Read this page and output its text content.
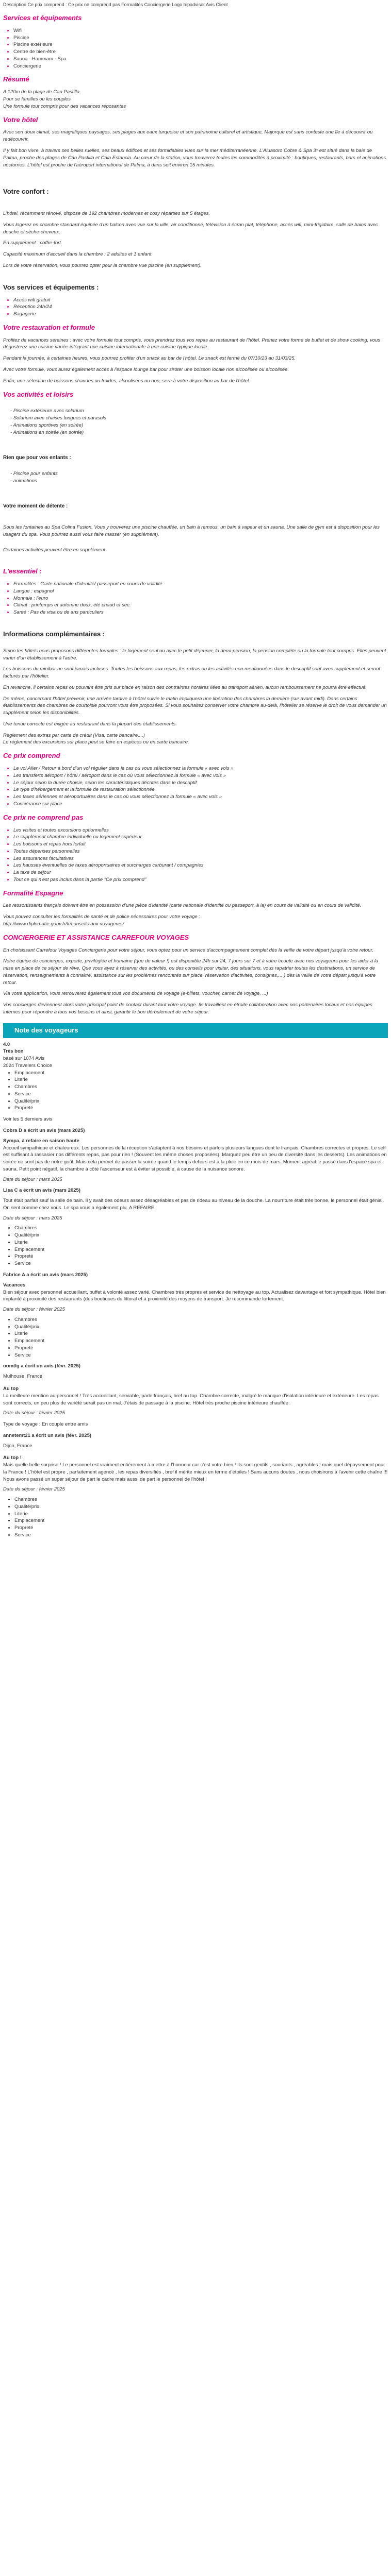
Description Ce prix comprend : Ce prix ne comprend pas Formalités Conciergerie Logo tripadvisor Avis Client

Services et équipements
• Wifi
• Piscine
• Piscine extérieure
• Centre de bien-être
• Sauna - Hammam - Spa
• Conciergerie
Résumé
A 120m de la plage de Can Pastilla
Pour se familles ou les couples
Une formule tout compris pour des vacances reposantes
Votre hôtel

Avec son doux climat, ses magnifiques paysages, ses plages aux eaux turquoise et son patrimoine culturel et artistique, Majorque est sans conteste une île à découvrir ou redécouvrir.

Il y fait bon vivre, à travers ses belles ruelles, ses beaux édifices et ses formidables vues sur la mer méditerranéenne. L'Aluasoro Cobre & Spa 3* est situé dans la baie de Palma, proche des plages de Can Pastilla et Cala Estancia. Au cœur de la station, vous trouverez toutes les commodités à proximité : boutiques, restaurants, bars et animations nocturnes. L'hôtel est proche de l'aéroport international de Palma, à dans seit environ 15 minutes.

Votre confort :

L'hôtel, récemment rénové, dispose de 192 chambres modernes et cosy réparties sur 5 étages.

Vous logerez en chambre standard équipée d'un balcon avec vue sur la ville, air conditionné, télévision à écran plat, téléphone, accès wifi, mini-frigidaire, salle de bains avec douche et sèche-cheveux.

En supplément : coffre-fort.

Capacité maximum d'accueil dans la chambre : 2 adultes et 1 enfant.

Lors de votre réservation, vous pourrez opter pour la chambre vue piscine (en supplément).

Vos services et équipements :
• Accès wifi gratuit
• Réception 24h/24
• Bagagerie
Votre restauration et formule

Profitez de vacances sereines : avec votre formule tout compris, vous prendrez tous vos repas au restaurant de l'hôtel. Prenez votre forme de buffet et de show cooking, vous dégusterez une cuisine variée intégrant une cuisine internationale à une cuisine typique locale.

Pendant la journée, à certaines heures, vous pourrez profiter d'un snack au bar de l'hôtel. Le snack est fermé du 07/10/23 au 31/03/25.

Avec votre formule, vous aurez également accès à l'espace lounge bar pour siroter une boisson locale non alcoolisée ou alcoolisée.

Enfin, une sélection de boissons chaudes ou froides, alcoolisées ou non, sera à votre disposition au bar de l'hôtel.

Vos activités et loisirs
- Piscine extérieure avec solarium
- Solarium avec chaises longues et parasols
- Animations sportives (en soirée)
- Animations en soirée (en soirée)
Rien que pour vos enfants :
- Piscine pour enfants
- animations
Votre moment de détente :

Sous les fontaines au Spa Colina Fusion. Vous y trouverez une piscine chauffée, un bain à remous, un bain à vapeur et un sauna. Une salle de gym est à disposition pour les usagers du spa. Vous pourrez aussi vous faire masser (en supplément).

Certaines activités peuvent être en supplément.

L'essentiel :
• Formalités : Carte nationale d'identité/ passeport en cours de validité.
• Langue : espagnol
• Monnaie : l'euro
• Climat : printemps et automne doux, été chaud et sec.
• Santé : Pas de visa ou de ans particuliers
Informations complémentaires :

Selon les hôtels nous proposons différentes formules : le logement seul ou avec le petit déjeuner, la demi-pension, la pension complète ou la formule tout compris. Elles peuvent varier d'un établissement à l'autre.

Les boissons du minibar ne sont jamais incluses. Toutes les boissons aux repas, les extras ou les activités non mentionnées dans le descriptif sont avec supplément et seront facturés par l'hôtelier.

En revanche, il certains repas ou pouvant être pris sur place en raison des contraintes horaires liées au transport aérien, aucun remboursement ne pourra être effectué.

De même, concernant l'hôtel prévenir, une arrivée tardive à l'hôtel suivie le matin impliquera une libération des chambres la dernière (sur avant midi). Dans certains établissements des chambres de courtoisie pourront vous être proposées. Si vous souhaitez conserver votre chambre au-delà, l'hôtelier se réserve le droit de vous demander un supplément selon les disponibilités.

Une tenue correcte est exigée au restaurant dans la plupart des établissements.

Règlement des extras par carte de crédit (Visa, carte bancaire,...)
Le règlement des excursions sur place peut se faire en espèces ou en carte bancaire.
Ce prix comprend
• Le vol Aller / Retour à bord d'un vol régulier dans le cas où vous sélectionnez la formule « avec vols »
• Les transferts aéroport / hôtel / aéroport dans le cas où vous sélectionnez la formule « avec vols »
• Le séjour selon la durée choisie, selon les caractéristiques décrites dans le descriptif
• Le type d'hébergement et la formule de restauration sélectionnée
• Les taxes aériennes et aéroportuaires dans le cas où vous sélectionnez la formule « avec vols »
• Conciérance sur place
Ce prix ne comprend pas
• Les visites et toutes excursions optionnelles
• Le supplément chambre individuelle ou logement supérieur
• Les boissons et repas hors forfait
• Toutes dépenses personnelles
• Les assurances facultatives
• Les hausses éventuelles de taxes aéroportuaires et surcharges carburant / compagnies
• La taxe de séjour
• Tout ce qui n'est pas inclus dans la partie "Ce prix comprend"
Formalité Espagne

Les ressortissants français doivent être en possession d'une pièce d'identité (carte nationale d'identité ou passeport, à la) en cours de validité ou en cours de validité.

Vous pouvez consulter les formalités de santé et de police nécessaires pour votre voyage :
http://www.diplomatie.gouv.fr/fr/conseils-aux-voyageurs/
CONCIERGERIE ET ASSISTANCE CARREFOUR VOYAGES

En choisissant Carrefour Voyages Conciergerie pour votre séjour, vous optez pour un service d'accompagnement complet dès la veille de votre départ jusqu'à votre retour.

Notre équipe de concierges, experte, privilégiée et humaine (que de valeur !) est disponible 24h sur 24, 7 jours sur 7 et à votre écoute avec nos voyageurs pour les aider à la mise en place de ce séjour de rêve. Que vous ayez à réserver des activités, ou des conseils pour visiter, des situations, vous rapatrier toutes les destinations, un service de réservation, renseignements à connaître, assistance sur les problèmes rencontrés sur place, réservation d'activités, consignes,... ) dès la veille de votre départ jusqu'à votre retour.

Via votre application, vous retrouverez également tous vos documents de voyage (e-billets, voucher, carnet de voyage, ...)

Vos concierges deviennent alors votre principal point de contact durant tout votre voyage. Ils travaillent en étroite collaboration avec nos partenaires locaux et nos équipes internes pour répondre à tous vos besoins et ainsi, garantir le bon déroulement de votre séjour.

Note des voyageurs
4.0
Très bon
basé sur 1074 Avis
2024 Travelers Choice
• Emplacement
• Literie
• Chambres
• Service
• Qualité/prix
• Propreté
Voir les 5 derniers avis
Cobra D a écrit un avis (mars 2025)
Sympa, à refaire en saison haute
Accueil sympathique et chaleureux. Les personnes de la réception s'adaptent à nos besoins et parfois plusieurs langues dont le français. Chambres correctes et propres. Le self est suffisant à rassasier nos différents repas, pas pour rien ! (Souvent les même choses proposées). Marquez peu être un peu de diversité dans les desserts). Les animations en soirée ne sont pas de notre goût. Mais cela permet de passer la soirée quand le temps dehors est à la pluie en ce mois de mars. Moment agréable passé dans l'espace spa et sauna. Petit point négatif, la chambre à côté l'ascenseur est à éviter si possible, à cause de la nuisance sonore.
Date du séjour : mars 2025
Lisa C a écrit un avis (mars 2025)
Tout était parfait sauf la salle de bain. Il y avait des odeurs assez désagréables et pas de rideau au niveau de la douche. La nourriture était très bonne, le personnel était génial. On sent comme chez vous. Le spa vous a également plu. A REFAIRE
Date du séjour : mars 2025
• Chambres
• Qualité/prix
• Literie
• Emplacement
• Propreté
• Service
Fabrice A a écrit un avis (mars 2025)
Vacances
Bien séjour avec personnel accueillant, buffet à volonté assez varié. Chambres très propres et service de nettoyage au top. Actualisez davantage et fort sympathique. Hôtel bien implanté à proximité des restaurants (des boutiques du littoral et à proximité des moyens de transport. Je recommande fortement.
Date du séjour : février 2025
• Chambres
• Qualité/prix
• Literie
• Emplacement
• Propreté
• Service
oomtlg a écrit un avis (févr. 2025)
Mulhouse, France
Au top
La meilleure mention au personnel ! Très accueillant, serviable, parle français, bref au top. Chambre correcte, malgré le manque d'isolation intérieure et extérieure. Les repas sont corrects, un peu plus de variété serait pas un mal. J'étais de passage à la piscine. Hôtel très proche piscine intérieure chauffée.
Date du séjour : février 2025
Type de voyage : En couple entre amis
annetemt21 a écrit un avis (févr. 2025)
Dijon, France
Au top !
Mais quelle belle surprise ! Le personnel est vraiment entièrement à mettre à l'honneur car c'est votre bien ! Ils sont gentils , souriants , agréables ! mais quel dépaysement pour la France ! L'hôtel est propre , parfaitement agencé , les repas diversifiés , bref il mérite mieux en terme d'étoiles ! Sans aucuns doutes , nous choisirons à l'avenir cette chaîne !!! Nous avons passé un super séjour de part le cadre mais aussi de part le personnel de l'hôtel !
Date du séjour : février 2025
• Chambres
• Qualité/prix
• Literie
• Emplacement
• Propreté
• Service
